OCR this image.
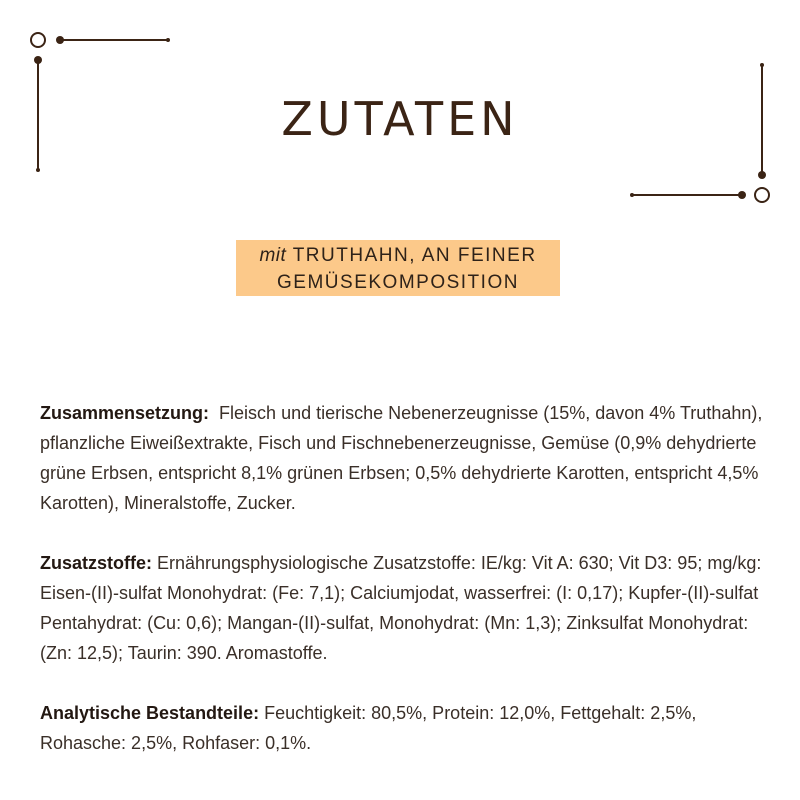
ZUTATEN
mit TRUTHAHN, AN FEINER GEMÜSEKOMPOSITION

Zusammensetzung: Fleisch und tierische Nebenerzeugnisse (15%, davon 4% Truthahn), pflanzliche Eiweißextrakte, Fisch und Fischnebenerzeugnisse, Gemüse (0,9% dehydrierte grüne Erbsen, entspricht 8,1% grünen Erbsen; 0,5% dehydrierte Karotten, entspricht 4,5% Karotten), Mineralstoffe, Zucker.

Zusatzstoffe: Ernährungsphysiologische Zusatzstoffe: IE/kg: Vit A: 630; Vit D3: 95; mg/kg: Eisen-(II)-sulfat Monohydrat: (Fe: 7,1); Calciumjodat, wasserfrei: (I: 0,17); Kupfer-(II)-sulfat Pentahydrat: (Cu: 0,6); Mangan-(II)-sulfat, Monohydrat: (Mn: 1,3); Zinksulfat Monohydrat: (Zn: 12,5); Taurin: 390. Aromastoffe.

Analytische Bestandteile: Feuchtigkeit: 80,5%, Protein: 12,0%, Fettgehalt: 2,5%, Rohasche: 2,5%, Rohfaser: 0,1%.
